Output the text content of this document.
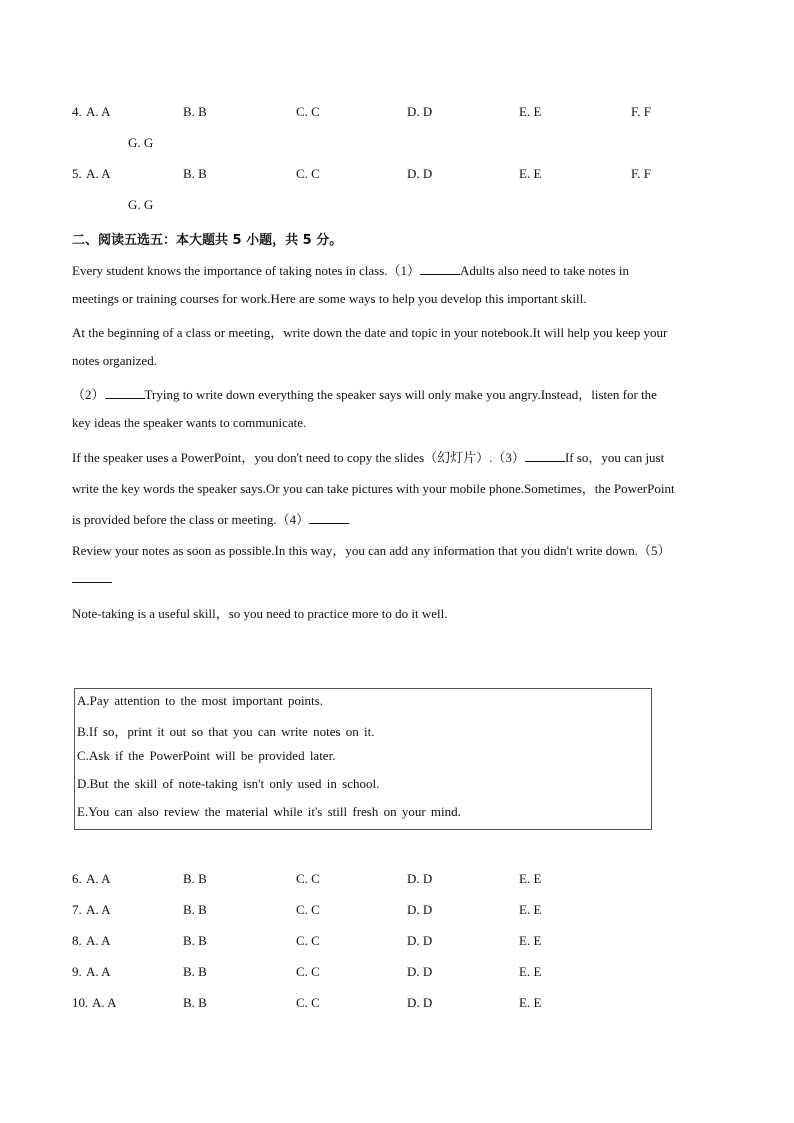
4. A. A	B. B	C. C	D. D	E. E	F. F
G. G
5. A. A	B. B	C. C	D. D	E. E	F. F
G. G
二、阅读五选五：本大题共 5 小题，共 5 分。
Every student knows the importance of taking notes in class.（1）	Adults also need to take notes in
meetings or training courses for work.Here are some ways to help you develop this important skill.
At the beginning of a class or meeting，write down the date and topic in your notebook.It will help you keep your
notes organized.
（2）	Trying to write down everything the speaker says will only make you angry.Instead，listen for the
key ideas the speaker wants to communicate.
If the speaker uses a PowerPoint，you don't need to copy the slides（幻灯片）.（3）	If so，you can just
write the key words the speaker says.Or you can take pictures with your mobile phone.Sometimes，the PowerPoint
is provided before the class or meeting.（4）
Review your notes as soon as possible.In this way，you can add any information that you didn't write down.（5）
Note-taking is a useful skill，so you need to practice more to do it well.
A.Pay attention to the most important points.
B.If so，print it out so that you can write notes on it.
C.Ask if the PowerPoint will be provided later.
D.But the skill of note-taking isn't only used in school.
E.You can also review the material while it's still fresh on your mind.
6. A. A	B. B	C. C	D. D	E. E
7. A. A	B. B	C. C	D. D	E. E
8. A. A	B. B	C. C	D. D	E. E
9. A. A	B. B	C. C	D. D	E. E
10. A. A	B. B	C. C	D. D	E. E
